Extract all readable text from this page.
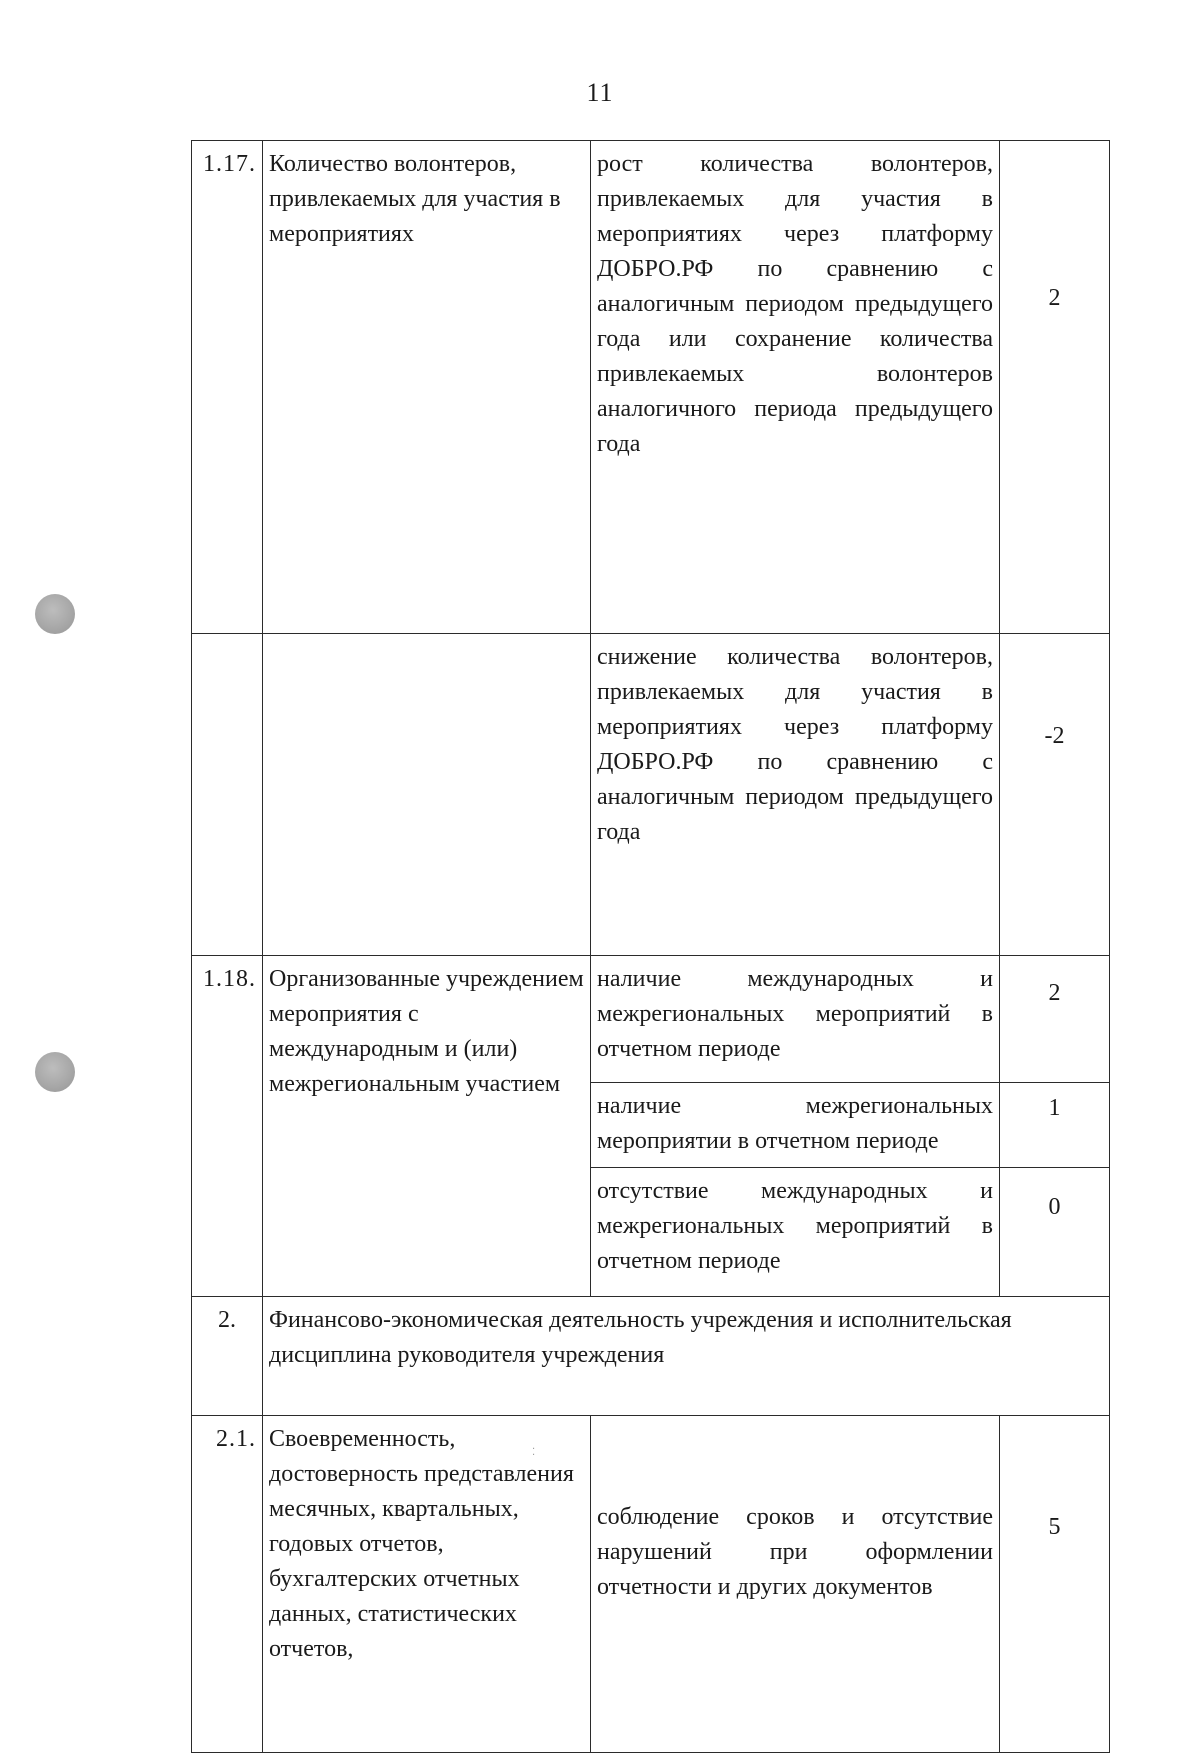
11
1.17.	Количество волонтеров, привлекаемых для участия в мероприятиях	рост количества волонтеров, привлекаемых для участия в мероприятиях через платформу ДОБРО.РФ по сравнению с аналогичным периодом предыдущего года или сохранение количества привлекаемых волонтеров аналогичного периода предыдущего года	2
		снижение количества волонтеров, привлекаемых для участия в мероприятиях через платформу ДОБРО.РФ по сравнению с аналогичным периодом предыдущего года	-2
1.18.	Организованные учреждением мероприятия с международным и (или) межрегиональным участием	наличие международных и межрегиональных мероприятий в отчетном периоде	2
		наличие межрегиональных мероприятии в отчетном периоде	1
		отсутствие международных и межрегиональных мероприятий в отчетном периоде	0
2.	Финансово-экономическая деятельность учреждения и исполнительская дисциплина руководителя учреждения		
2.1.	Своевременность, достоверность представления месячных, квартальных, годовых отчетов, бухгалтерских отчетных данных, статистических отчетов,	соблюдение сроков и отсутствие нарушений при оформлении отчетности и других документов	5
⁚
